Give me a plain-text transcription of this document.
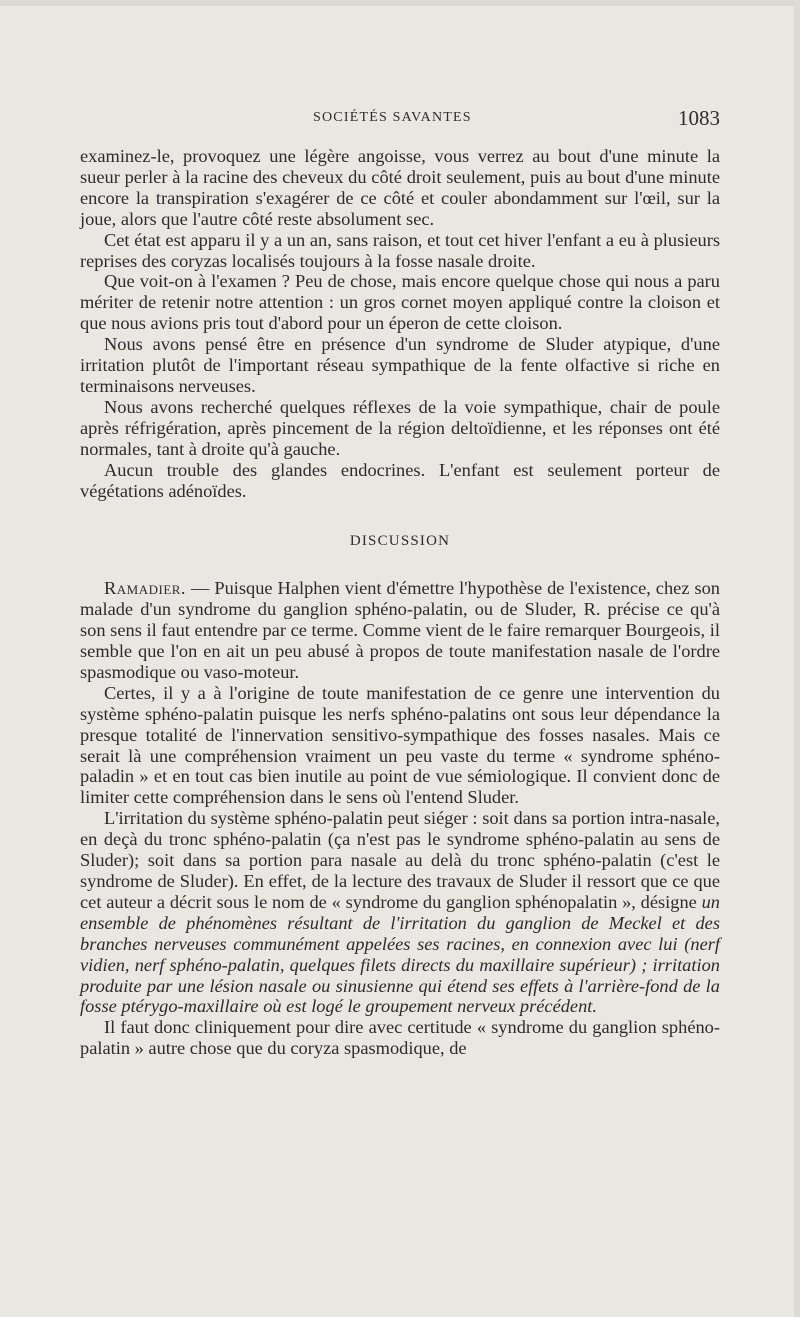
SOCIÉTÉS SAVANTES	1083

examinez-le, provoquez une légère angoisse, vous verrez au bout d'une minute la sueur perler à la racine des cheveux du côté droit seulement, puis au bout d'une minute encore la transpiration s'exagérer de ce côté et couler abondamment sur l'œil, sur la joue, alors que l'autre côté reste absolument sec.

Cet état est apparu il y a un an, sans raison, et tout cet hiver l'enfant a eu à plusieurs reprises des coryzas localisés toujours à la fosse nasale droite.

Que voit-on à l'examen ? Peu de chose, mais encore quelque chose qui nous a paru mériter de retenir notre attention : un gros cornet moyen appliqué contre la cloison et que nous avions pris tout d'abord pour un éperon de cette cloison.

Nous avons pensé être en présence d'un syndrome de Sluder atypique, d'une irritation plutôt de l'important réseau sympathique de la fente olfactive si riche en terminaisons nerveuses.

Nous avons recherché quelques réflexes de la voie sympathique, chair de poule après réfrigération, après pincement de la région deltoïdienne, et les réponses ont été normales, tant à droite qu'à gauche.

Aucun trouble des glandes endocrines. L'enfant est seulement porteur de végétations adénoïdes.

DISCUSSION

Ramadier. — Puisque Halphen vient d'émettre l'hypothèse de l'existence, chez son malade d'un syndrome du ganglion sphéno-palatin, ou de Sluder, R. précise ce qu'à son sens il faut entendre par ce terme. Comme vient de le faire remarquer Bourgeois, il semble que l'on en ait un peu abusé à propos de toute manifestation nasale de l'ordre spasmodique ou vaso-moteur.

Certes, il y a à l'origine de toute manifestation de ce genre une intervention du système sphéno-palatin puisque les nerfs sphéno-palatins ont sous leur dépendance la presque totalité de l'innervation sensitivo-sympathique des fosses nasales. Mais ce serait là une compréhension vraiment un peu vaste du terme « syndrome sphéno-paladin » et en tout cas bien inutile au point de vue sémiologique. Il convient donc de limiter cette compréhension dans le sens où l'entend Sluder.

L'irritation du système sphéno-palatin peut siéger : soit dans sa portion intra-nasale, en deçà du tronc sphéno-palatin (ça n'est pas le syndrome sphéno-palatin au sens de Sluder); soit dans sa portion para nasale au delà du tronc sphéno-palatin (c'est le syndrome de Sluder). En effet, de la lecture des travaux de Sluder il ressort que ce que cet auteur a décrit sous le nom de « syndrome du ganglion sphénopalatin », désigne un ensemble de phénomènes résultant de l'irritation du ganglion de Meckel et des branches nerveuses communément appelées ses racines, en connexion avec lui (nerf vidien, nerf sphéno-palatin, quelques filets directs du maxillaire supérieur) ; irritation produite par une lésion nasale ou sinusienne qui étend ses effets à l'arrière-fond de la fosse ptérygo-maxillaire où est logé le groupement nerveux précédent.

Il faut donc cliniquement pour dire avec certitude « syndrome du ganglion sphéno-palatin » autre chose que du coryza spasmodique, de
